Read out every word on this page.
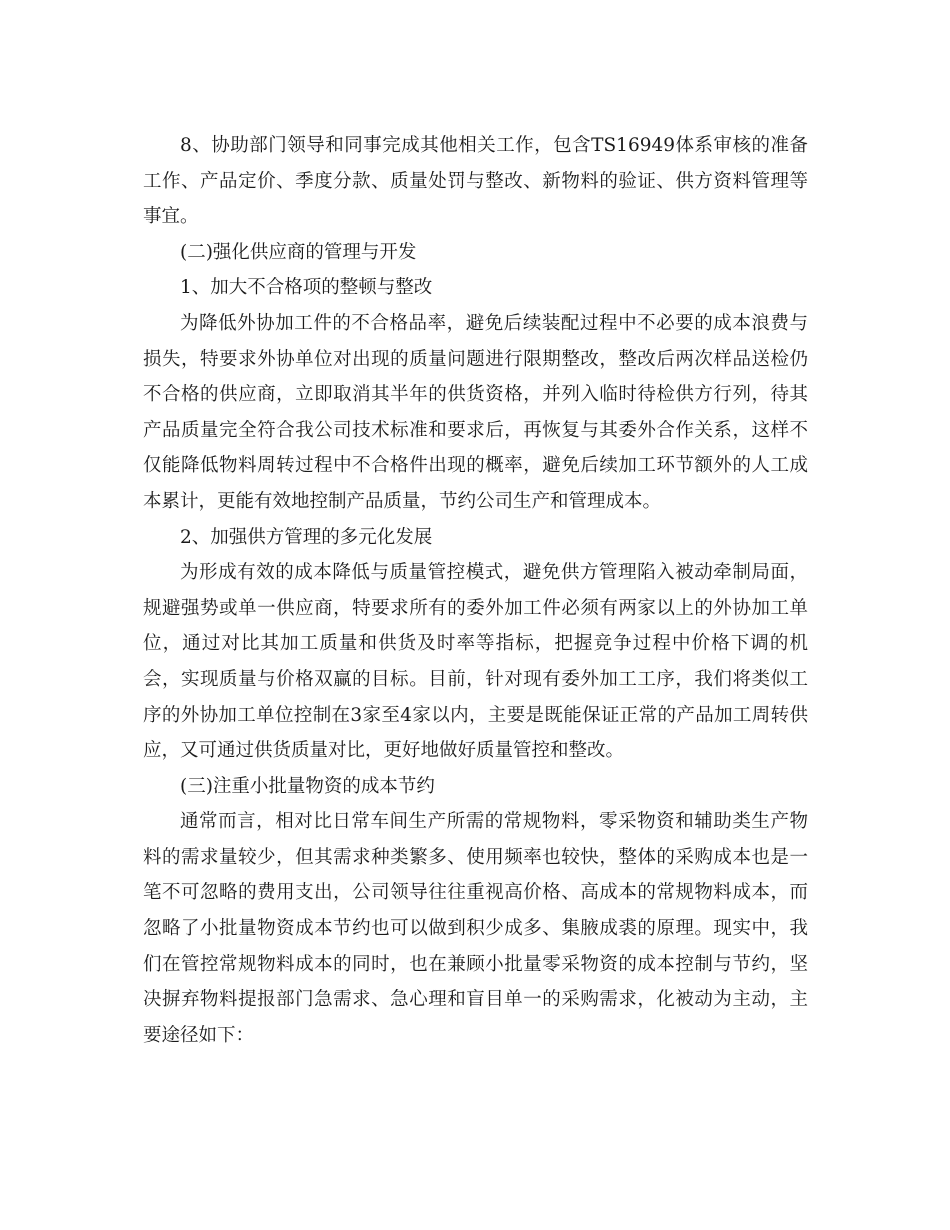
8、协助部门领导和同事完成其他相关工作，包含TS16949体系审核的准备工作、产品定价、季度分款、质量处罚与整改、新物料的验证、供方资料管理等事宜。

(二)强化供应商的管理与开发

1、加大不合格项的整顿与整改

为降低外协加工件的不合格品率，避免后续装配过程中不必要的成本浪费与损失，特要求外协单位对出现的质量问题进行限期整改，整改后两次样品送检仍不合格的供应商，立即取消其半年的供货资格，并列入临时待检供方行列，待其产品质量完全符合我公司技术标准和要求后，再恢复与其委外合作关系，这样不仅能降低物料周转过程中不合格件出现的概率，避免后续加工环节额外的人工成本累计，更能有效地控制产品质量，节约公司生产和管理成本。

2、加强供方管理的多元化发展

为形成有效的成本降低与质量管控模式，避免供方管理陷入被动牵制局面，规避强势或单一供应商，特要求所有的委外加工件必须有两家以上的外协加工单位，通过对比其加工质量和供货及时率等指标，把握竞争过程中价格下调的机会，实现质量与价格双赢的目标。目前，针对现有委外加工工序，我们将类似工序的外协加工单位控制在3家至4家以内，主要是既能保证正常的产品加工周转供应，又可通过供货质量对比，更好地做好质量管控和整改。

(三)注重小批量物资的成本节约

通常而言，相对比日常车间生产所需的常规物料，零采物资和辅助类生产物料的需求量较少，但其需求种类繁多、使用频率也较快，整体的采购成本也是一笔不可忽略的费用支出，公司领导往往重视高价格、高成本的常规物料成本，而忽略了小批量物资成本节约也可以做到积少成多、集腋成裘的原理。现实中，我们在管控常规物料成本的同时，也在兼顾小批量零采物资的成本控制与节约，坚决摒弃物料提报部门急需求、急心理和盲目单一的采购需求，化被动为主动，主要途径如下：
